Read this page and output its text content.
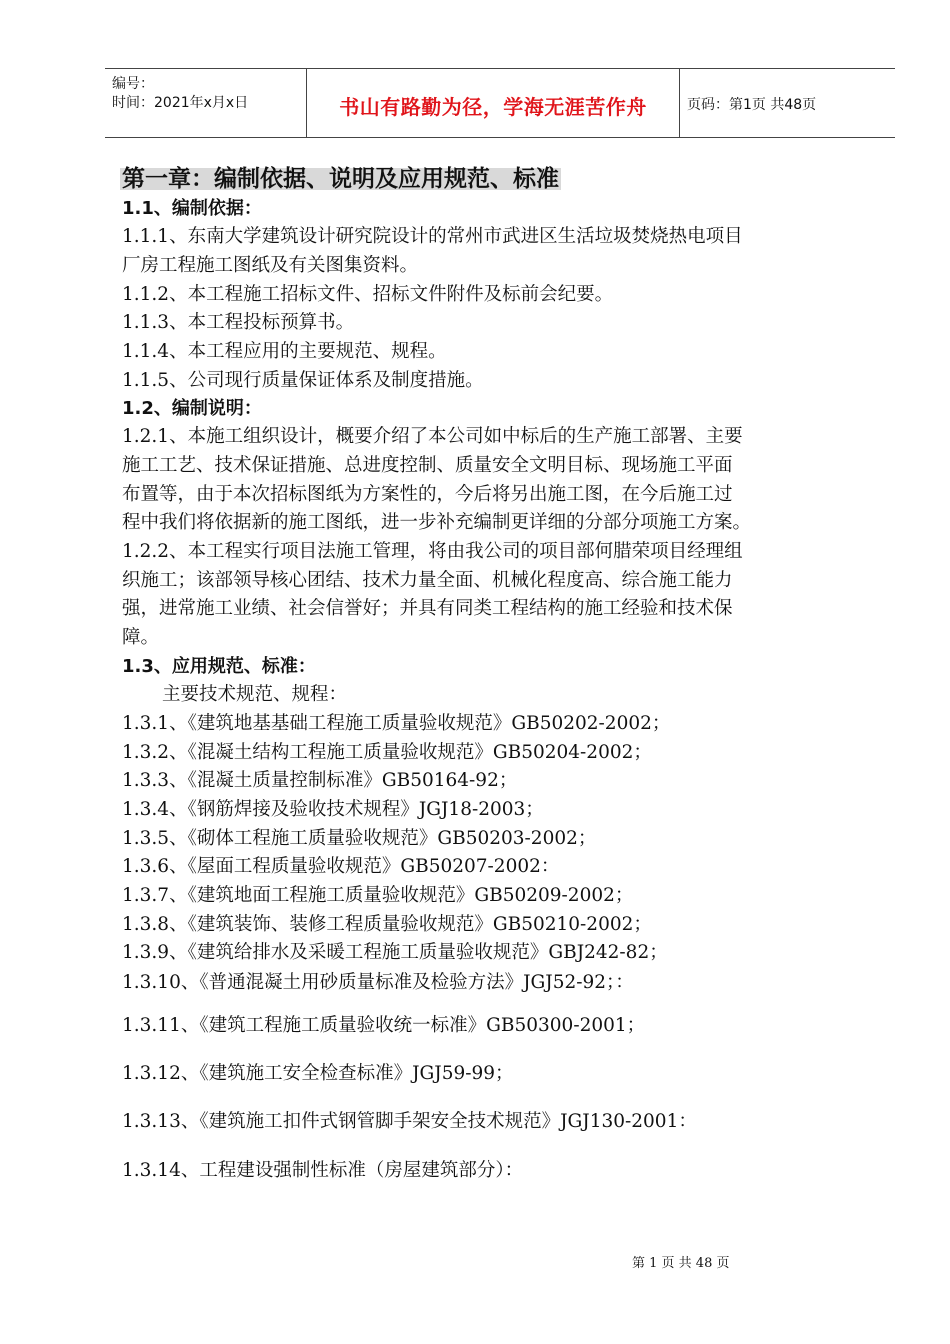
编号：
时间：2021年x月x日	书山有路勤为径，学海无涯苦作舟	页码：第1页 共48页
第一章：编制依据、说明及应用规范、标准
1.1、编制依据：
1.1.1、东南大学建筑设计研究院设计的常州市武进区生活垃圾焚烧热电项目
厂房工程施工图纸及有关图集资料。
1.1.2、本工程施工招标文件、招标文件附件及标前会纪要。
1.1.3、本工程投标预算书。
1.1.4、本工程应用的主要规范、规程。
1.1.5、公司现行质量保证体系及制度措施。
1.2、编制说明：
1.2.1、本施工组织设计，概要介绍了本公司如中标后的生产施工部署、主要
施工工艺、技术保证措施、总进度控制、质量安全文明目标、现场施工平面
布置等，由于本次招标图纸为方案性的，今后将另出施工图，在今后施工过
程中我们将依据新的施工图纸，进一步补充编制更详细的分部分项施工方案。
1.2.2、本工程实行项目法施工管理，将由我公司的项目部何腊荣项目经理组
织施工；该部领导核心团结、技术力量全面、机械化程度高、综合施工能力
强，进常施工业绩、社会信誉好；并具有同类工程结构的施工经验和技术保
障。
1.3、应用规范、标准：
主要技术规范、规程：
1.3.1、《建筑地基基础工程施工质量验收规范》GB50202-2002；
1.3.2、《混凝土结构工程施工质量验收规范》GB50204-2002；
1.3.3、《混凝土质量控制标准》GB50164-92；
1.3.4、《钢筋焊接及验收技术规程》JGJ18-2003；
1.3.5、《砌体工程施工质量验收规范》GB50203-2002；
1.3.6、《屋面工程质量验收规范》GB50207-2002：
1.3.7、《建筑地面工程施工质量验收规范》GB50209-2002；
1.3.8、《建筑装饰、装修工程质量验收规范》GB50210-2002；
1.3.9、《建筑给排水及采暖工程施工质量验收规范》GBJ242-82；
1.3.10、《普通混凝土用砂质量标准及检验方法》JGJ52-92；：
1.3.11、《建筑工程施工质量验收统一标准》GB50300-2001；
1.3.12、《建筑施工安全检查标准》JGJ59-99；
1.3.13、《建筑施工扣件式钢管脚手架安全技术规范》JGJ130-2001：
1.3.14、工程建设强制性标准（房屋建筑部分）：
第 1 页 共 48 页
